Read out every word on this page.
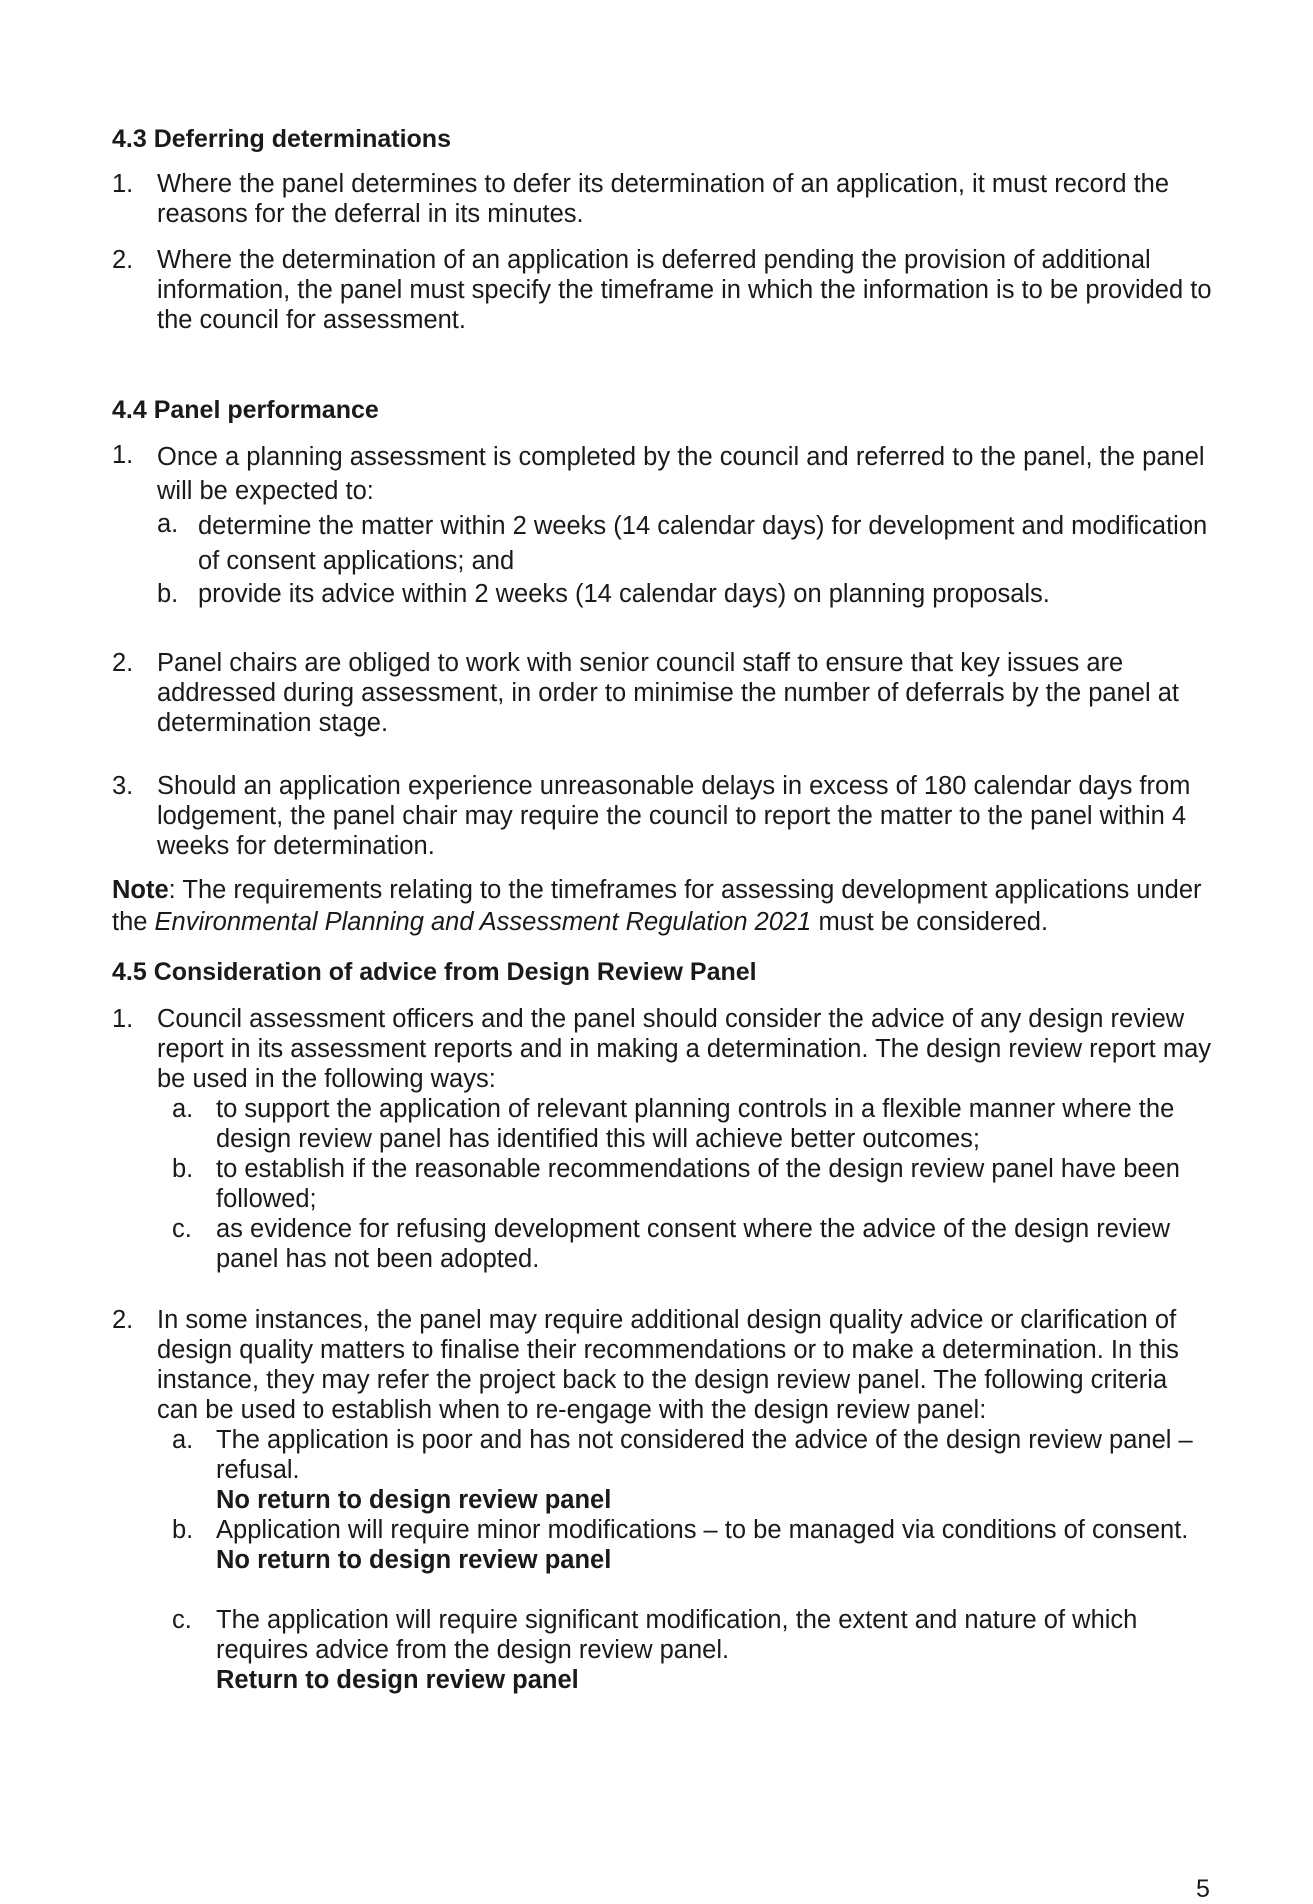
4.3 Deferring determinations
1. Where the panel determines to defer its determination of an application, it must record the reasons for the deferral in its minutes.
2. Where the determination of an application is deferred pending the provision of additional information, the panel must specify the timeframe in which the information is to be provided to the council for assessment.
4.4 Panel performance
1. Once a planning assessment is completed by the council and referred to the panel, the panel will be expected to:
a. determine the matter within 2 weeks (14 calendar days) for development and modification of consent applications; and
b. provide its advice within 2 weeks (14 calendar days) on planning proposals.
2. Panel chairs are obliged to work with senior council staff to ensure that key issues are addressed during assessment, in order to minimise the number of deferrals by the panel at determination stage.
3. Should an application experience unreasonable delays in excess of 180 calendar days from lodgement, the panel chair may require the council to report the matter to the panel within 4 weeks for determination.
Note: The requirements relating to the timeframes for assessing development applications under the Environmental Planning and Assessment Regulation 2021 must be considered.
4.5 Consideration of advice from Design Review Panel
1. Council assessment officers and the panel should consider the advice of any design review report in its assessment reports and in making a determination. The design review report may be used in the following ways:
a. to support the application of relevant planning controls in a flexible manner where the design review panel has identified this will achieve better outcomes;
b. to establish if the reasonable recommendations of the design review panel have been followed;
c. as evidence for refusing development consent where the advice of the design review panel has not been adopted.
2. In some instances, the panel may require additional design quality advice or clarification of design quality matters to finalise their recommendations or to make a determination. In this instance, they may refer the project back to the design review panel. The following criteria can be used to establish when to re-engage with the design review panel:
a. The application is poor and has not considered the advice of the design review panel – refusal.
No return to design review panel
b. Application will require minor modifications – to be managed via conditions of consent.
No return to design review panel
c. The application will require significant modification, the extent and nature of which requires advice from the design review panel.
Return to design review panel
5
